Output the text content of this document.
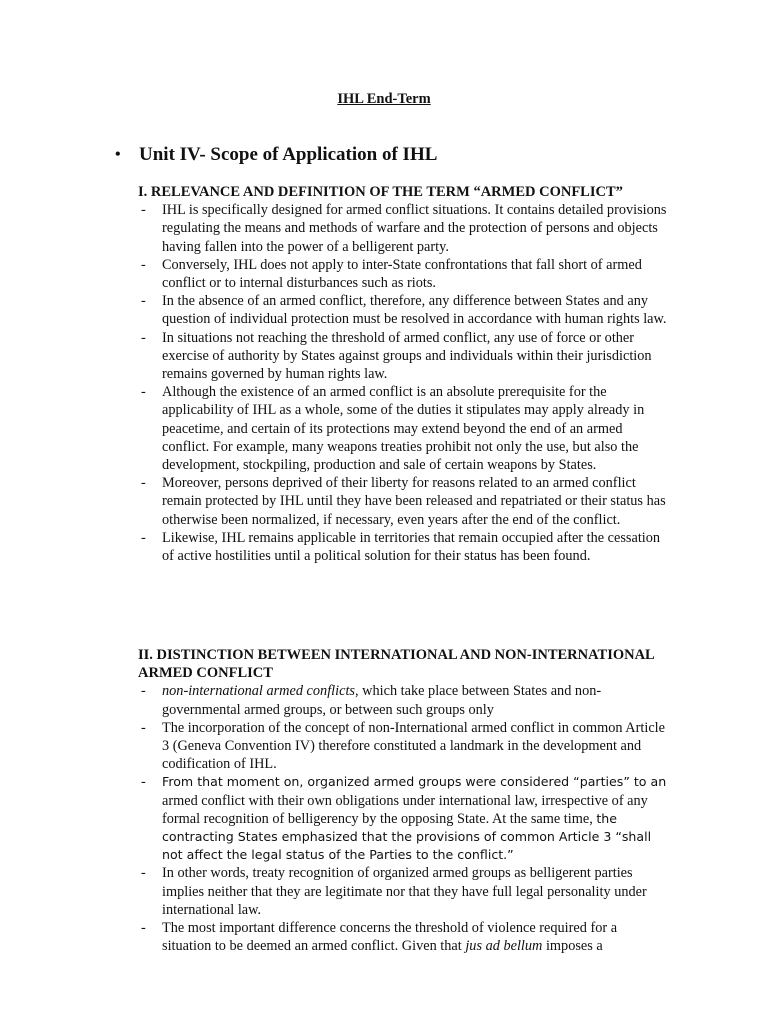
IHL End-Term
• Unit IV- Scope of Application of IHL
I. RELEVANCE AND DEFINITION OF THE TERM “ARMED CONFLICT”
- IHL is specifically designed for armed conflict situations. It contains detailed provisions regulating the means and methods of warfare and the protection of persons and objects having fallen into the power of a belligerent party.
- Conversely, IHL does not apply to inter-State confrontations that fall short of armed conflict or to internal disturbances such as riots.
- In the absence of an armed conflict, therefore, any difference between States and any question of individual protection must be resolved in accordance with human rights law.
- In situations not reaching the threshold of armed conflict, any use of force or other exercise of authority by States against groups and individuals within their jurisdiction remains governed by human rights law.
- Although the existence of an armed conflict is an absolute prerequisite for the applicability of IHL as a whole, some of the duties it stipulates may apply already in peacetime, and certain of its protections may extend beyond the end of an armed conflict. For example, many weapons treaties prohibit not only the use, but also the development, stockpiling, production and sale of certain weapons by States.
- Moreover, persons deprived of their liberty for reasons related to an armed conflict remain protected by IHL until they have been released and repatriated or their status has otherwise been normalized, if necessary, even years after the end of the conflict.
- Likewise, IHL remains applicable in territories that remain occupied after the cessation of active hostilities until a political solution for their status has been found.
II. DISTINCTION BETWEEN INTERNATIONAL AND NON-INTERNATIONAL ARMED CONFLICT
- non-international armed conflicts, which take place between States and non-governmental armed groups, or between such groups only
- The incorporation of the concept of non-International armed conflict in common Article 3 (Geneva Convention IV) therefore constituted a landmark in the development and codification of IHL.
- From that moment on, organized armed groups were considered “parties” to an armed conflict with their own obligations under international law, irrespective of any formal recognition of belligerency by the opposing State. At the same time, the contracting States emphasized that the provisions of common Article 3 “shall not affect the legal status of the Parties to the conflict.”
- In other words, treaty recognition of organized armed groups as belligerent parties implies neither that they are legitimate nor that they have full legal personality under international law.
- The most important difference concerns the threshold of violence required for a situation to be deemed an armed conflict. Given that jus ad bellum imposes a
